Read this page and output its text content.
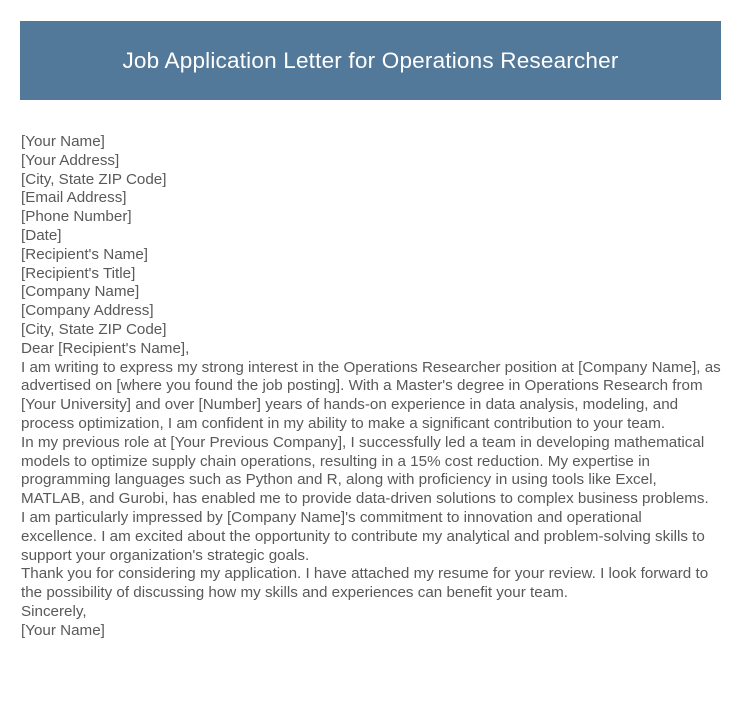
Job Application Letter for Operations Researcher
[Your Name]
[Your Address]
[City, State ZIP Code]
[Email Address]
[Phone Number]
[Date]
[Recipient's Name]
[Recipient's Title]
[Company Name]
[Company Address]
[City, State ZIP Code]
Dear [Recipient's Name],
I am writing to express my strong interest in the Operations Researcher position at [Company Name], as advertised on [where you found the job posting]. With a Master's degree in Operations Research from [Your University] and over [Number] years of hands-on experience in data analysis, modeling, and process optimization, I am confident in my ability to make a significant contribution to your team.
In my previous role at [Your Previous Company], I successfully led a team in developing mathematical models to optimize supply chain operations, resulting in a 15% cost reduction. My expertise in programming languages such as Python and R, along with proficiency in using tools like Excel, MATLAB, and Gurobi, has enabled me to provide data-driven solutions to complex business problems.
I am particularly impressed by [Company Name]'s commitment to innovation and operational excellence. I am excited about the opportunity to contribute my analytical and problem-solving skills to support your organization's strategic goals.
Thank you for considering my application. I have attached my resume for your review. I look forward to the possibility of discussing how my skills and experiences can benefit your team.
Sincerely,
[Your Name]
